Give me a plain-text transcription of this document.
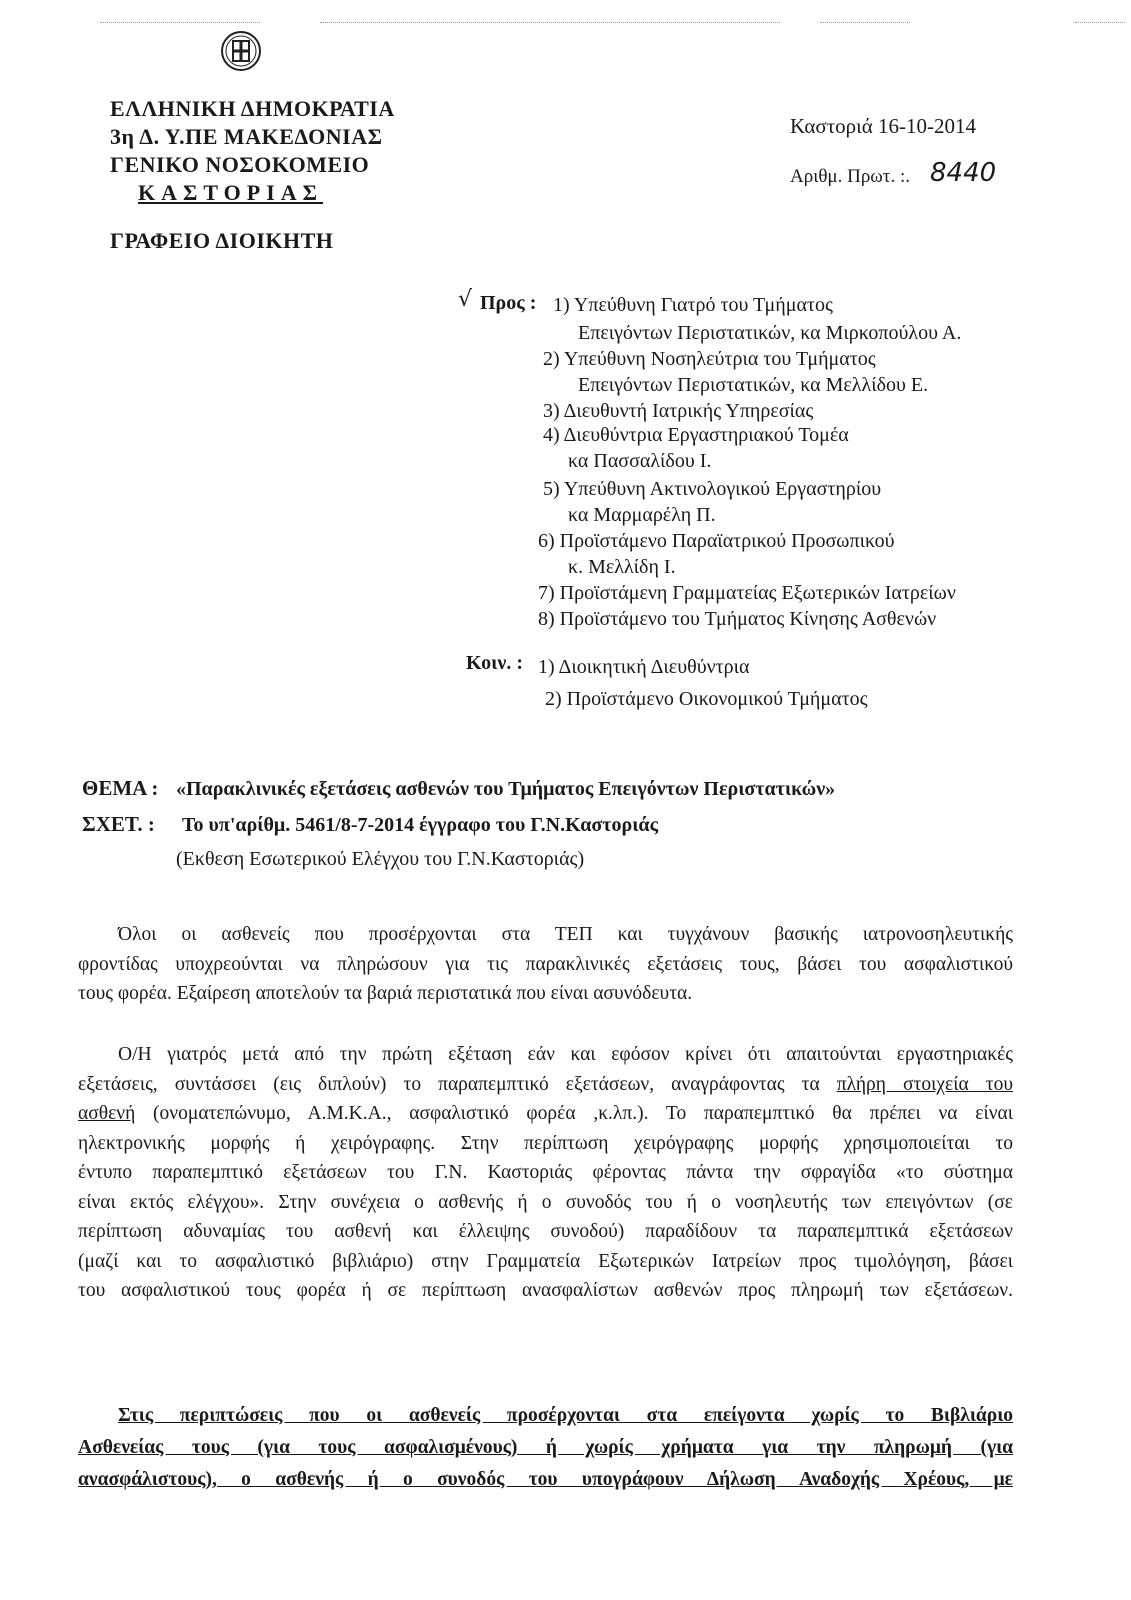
ΕΛΛΗΝΙΚΗ ΔΗΜΟΚΡΑΤΙΑ
3η Δ. Υ.ΠΕ ΜΑΚΕΔΟΝΙΑΣ
ΓΕΝΙΚΟ ΝΟΣΟΚΟΜΕΙΟ
ΚΑΣΤΟΡΙΑΣ
ΓΡΑΦΕΙΟ ΔΙΟΙΚΗΤΗ
Καστοριά 16-10-2014
Αριθμ. Πρωτ. :. 8440
√ Προς : 1) Υπεύθυνη Γιατρό του Τμήματος
Επειγόντων Περιστατικών, κα Μιρκοπούλου Α.
2) Υπεύθυνη Νοσηλεύτρια του Τμήματος
Επειγόντων Περιστατικών, κα Μελλίδου Ε.
3) Διευθυντή Ιατρικής Υπηρεσίας
4) Διευθύντρια Εργαστηριακού Τομέα
κα Πασσαλίδου Ι.
5) Υπεύθυνη Ακτινολογικού Εργαστηρίου
κα Μαρμαρέλη Π.
6) Προϊστάμενο Παραϊατρικού Προσωπικού
κ. Μελλίδη Ι.
7) Προϊστάμενη Γραμματείας Εξωτερικών Ιατρείων
8) Προϊστάμενο του Τμήματος Κίνησης Ασθενών
Κοιν. : 1) Διοικητική Διευθύντρια
2) Προϊστάμενο Οικονομικού Τμήματος
ΘΕΜΑ : «Παρακλινικές εξετάσεις ασθενών του Τμήματος Επειγόντων Περιστατικών»
ΣΧΕΤ. : Το υπ'αρίθμ. 5461/8-7-2014 έγγραφο του Γ.Ν.Καστοριάς
(Εκθεση Εσωτερικού Ελέγχου του Γ.Ν.Καστοριάς)
Όλοι οι ασθενείς που προσέρχονται στα ΤΕΠ και τυγχάνουν βασικής ιατρονοσηλευτικής
φροντίδας υποχρεούνται να πληρώσουν για τις παρακλινικές εξετάσεις τους, βάσει του ασφαλιστικού
τους φορέα. Εξαίρεση αποτελούν τα βαριά περιστατικά που είναι ασυνόδευτα.
Ο/Η γιατρός μετά από την πρώτη εξέταση εάν και εφόσον κρίνει ότι απαιτούνται εργαστηριακές
εξετάσεις, συντάσσει (εις διπλούν) το παραπεμπτικό εξετάσεων, αναγράφοντας τα πλήρη στοιχεία του
ασθενή (ονοματεπώνυμο, Α.Μ.Κ.Α., ασφαλιστικό φορέα ,κ.λπ.). Το παραπεμπτικό θα πρέπει να είναι
ηλεκτρονικής μορφής ή χειρόγραφης. Στην περίπτωση χειρόγραφης μορφής χρησιμοποιείται το
έντυπο παραπεμπτικό εξετάσεων του Γ.Ν. Καστοριάς φέροντας πάντα την σφραγίδα «το σύστημα
είναι εκτός ελέγχου». Στην συνέχεια ο ασθενής ή ο συνοδός του ή ο νοσηλευτής των επειγόντων (σε
περίπτωση αδυναμίας του ασθενή και έλλειψης συνοδού) παραδίδουν τα παραπεμπτικά εξετάσεων
(μαζί και το ασφαλιστικό βιβλιάριο) στην Γραμματεία Εξωτερικών Ιατρείων προς τιμολόγηση, βάσει
του ασφαλιστικού τους φορέα ή σε περίπτωση ανασφαλίστων ασθενών προς πληρωμή των εξετάσεων.
Στις περιπτώσεις που οι ασθενείς προσέρχονται στα επείγοντα χωρίς το Βιβλιάριο
Ασθενείας τους (για τους ασφαλισμένους) ή χωρίς χρήματα για την πληρωμή (για
ανασφάλιστους), ο ασθενής ή ο συνοδός του υπογράφουν Δήλωση Αναδοχής Χρέους, με
